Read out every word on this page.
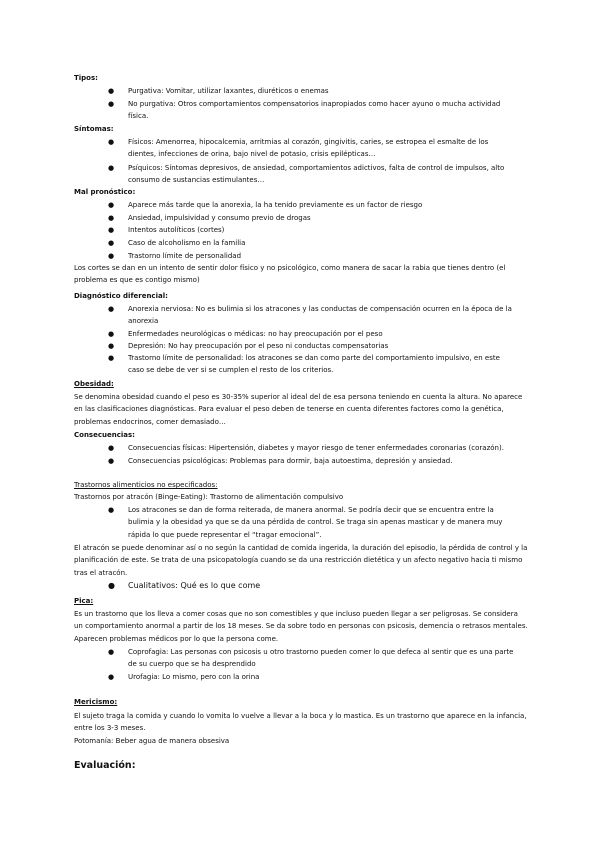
Tipos:

●	Purgativa: Vomitar, utilizar laxantes, diuréticos o enemas
●	No purgativa: Otros comportamientos compensatorios inapropiados como hacer ayuno o mucha actividad física.

Síntomas:

●	Físicos: Amenorrea, hipocalcemia, arritmias al corazón, gingivitis, caries, se estropea el esmalte de los dientes, infecciones de orina, bajo nivel de potasio, crisis epilépticas…
●	Psíquicos: Síntomas depresivos, de ansiedad, comportamientos adictivos, falta de control de impulsos, alto consumo de sustancias estimulantes…

Mal pronóstico:

●	Aparece más tarde que la anorexia, la ha tenido previamente es un factor de riesgo
●	Ansiedad, impulsividad y consumo previo de drogas
●	Intentos autolíticos (cortes)
●	Caso de alcoholismo en la familia
●	Trastorno límite de personalidad

Los cortes se dan en un intento de sentir dolor físico y no psicológico, como manera de sacar la rabia que tienes dentro (el problema es que es contigo mismo)

Diagnóstico diferencial:

●	Anorexia nerviosa: No es bulimia si los atracones y las conductas de compensación ocurren en la época de la anorexia
●	Enfermedades neurológicas o médicas: no hay preocupación por el peso
●	Depresión: No hay preocupación por el peso ni conductas compensatorias
●	Trastorno límite de personalidad: los atracones se dan como parte del comportamiento impulsivo, en este caso se debe de ver si se cumplen el resto de los criterios.

Obesidad:

Se denomina obesidad cuando el peso es 30-35% superior al ideal del de esa persona teniendo en cuenta la altura. No aparece en las clasificaciones diagnósticas. Para evaluar el peso deben de tenerse en cuenta diferentes factores como la genética, problemas endocrinos, comer demasiado…

Consecuencias:

●	Consecuencias físicas: Hipertensión, diabetes y mayor riesgo de tener enfermedades coronarias (corazón).
●	Consecuencias psicológicas: Problemas para dormir, baja autoestima, depresión y ansiedad.

Trastornos alimenticios no especificados:

Trastornos por atracón (Binge-Eating): Trastorno de alimentación compulsivo

●	Los atracones se dan de forma reiterada, de manera anormal. Se podría decir que se encuentra entre la bulimia y la obesidad ya que se da una pérdida de control. Se traga sin apenas masticar y de manera muy rápida lo que puede representar el “tragar emocional”.

El atracón se puede denominar así o no según la cantidad de comida ingerida, la duración del episodio, la pérdida de control y la planificación de este. Se trata de una psicopatología cuando se da una restricción dietética y un afecto negativo hacia ti mismo tras el atracón.

●	Cualitativos: Qué es lo que come

Pica:

Es un trastorno que los lleva a comer cosas que no son comestibles y que incluso pueden llegar a ser peligrosas. Se considera un comportamiento anormal a partir de los 18 meses. Se da sobre todo en personas con psicosis, demencia o retrasos mentales. Aparecen problemas médicos por lo que la persona come.

●	Coprofagia: Las personas con psicosis u otro trastorno pueden comer lo que defeca al sentir que es una parte de su cuerpo que se ha desprendido
●	Urofagia: Lo mismo, pero con la orina

Mericismo:

El sujeto traga la comida y cuando lo vomita lo vuelve a llevar a la boca y lo mastica. Es un trastorno que aparece en la infancia, entre los 3-3 meses.

Potomanía: Beber agua de manera obsesiva

Evaluación:
